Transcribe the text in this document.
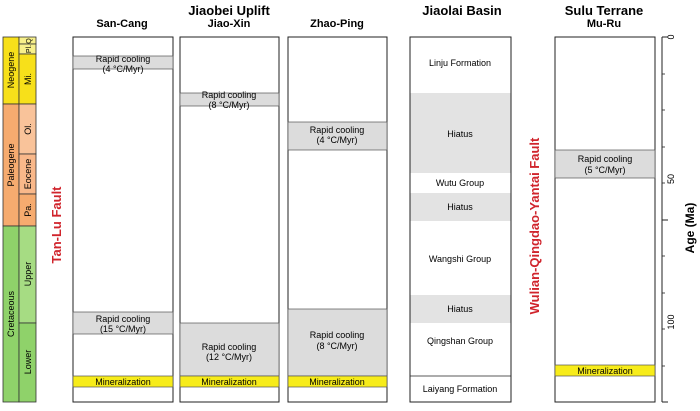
Neogene
Paleogene
Cretaceous
Q
Pl.
Mi.
Ol.
Eocene
Pa.
Upper
Lower
Tan-Lu Fault
Jiaobei Uplift	Jiaolai Basin	Sulu Terrane
San-Cang
Rapid cooling
(4 °C/Myr)
Rapid cooling
(15 °C/Myr)
Mineralization
Jiao-Xin
Rapid cooling
(8 °C/Myr)
Rapid cooling
(12 °C/Myr)
Mineralization
Zhao-Ping
Rapid cooling
(4 °C/Myr)
Rapid cooling
(8 °C/Myr)
Mineralization
Linju Formation
Hiatus
Wutu Group
Hiatus
Wangshi Group
Hiatus
Qingshan Group
Laiyang Formation
Wulian-Qingdao-Yantai Fault
Mu-Ru
Rapid cooling
(5 °C/Myr)
Mineralization
0
50
100
Age (Ma)
